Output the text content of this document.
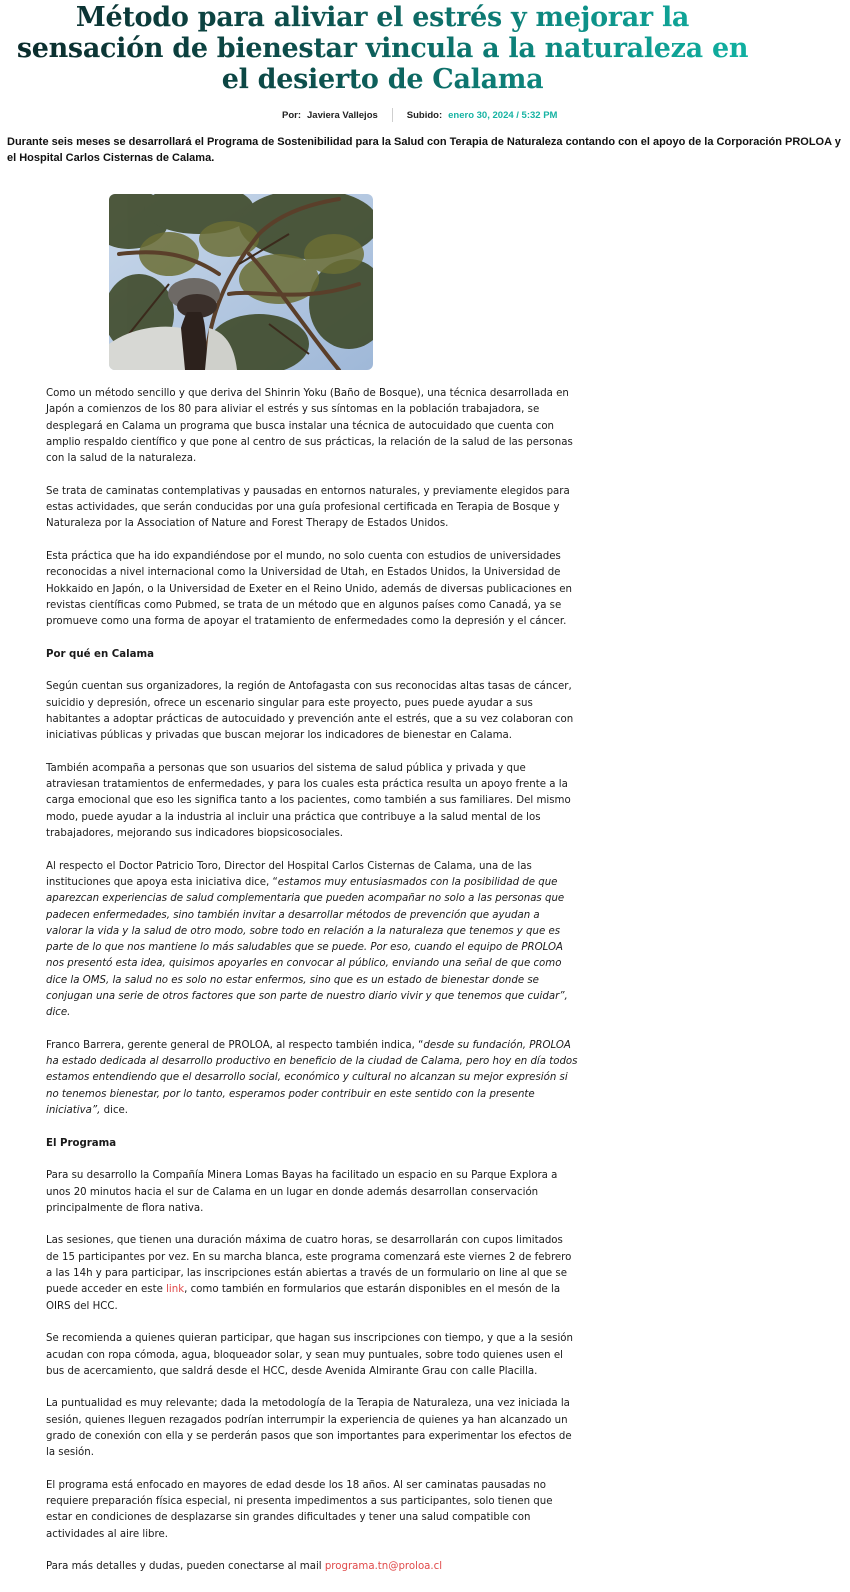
Método para aliviar el estrés y mejorar la sensación de bienestar vincula a la naturaleza en el desierto de Calama
Por: Javiera Vallejos	Subido: enero 30, 2024 / 5:32 PM

Durante seis meses se desarrollará el Programa de Sostenibilidad para la Salud con Terapia de Naturaleza contando con el apoyo de la Corporación PROLOA y el Hospital Carlos Cisternas de Calama.

Como un método sencillo y que deriva del Shinrin Yoku (Baño de Bosque), una técnica desarrollada en Japón a comienzos de los 80 para aliviar el estrés y sus síntomas en la población trabajadora, se desplegará en Calama un programa que busca instalar una técnica de autocuidado que cuenta con amplio respaldo científico y que pone al centro de sus prácticas, la relación de la salud de las personas con la salud de la naturaleza.

Se trata de caminatas contemplativas y pausadas en entornos naturales, y previamente elegidos para estas actividades, que serán conducidas por una guía profesional certificada en Terapia de Bosque y Naturaleza por la Association of Nature and Forest Therapy de Estados Unidos.

Esta práctica que ha ido expandiéndose por el mundo, no solo cuenta con estudios de universidades reconocidas a nivel internacional como la Universidad de Utah, en Estados Unidos, la Universidad de Hokkaido en Japón, o la Universidad de Exeter en el Reino Unido, además de diversas publicaciones en revistas científicas como Pubmed, se trata de un método que en algunos países como Canadá, ya se promueve como una forma de apoyar el tratamiento de enfermedades como la depresión y el cáncer.

Por qué en Calama

Según cuentan sus organizadores, la región de Antofagasta con sus reconocidas altas tasas de cáncer, suicidio y depresión, ofrece un escenario singular para este proyecto, pues puede ayudar a sus habitantes a adoptar prácticas de autocuidado y prevención ante el estrés, que a su vez colaboran con iniciativas públicas y privadas que buscan mejorar los indicadores de bienestar en Calama.

También acompaña a personas que son usuarios del sistema de salud pública y privada y que atraviesan tratamientos de enfermedades, y para los cuales esta práctica resulta un apoyo frente a la carga emocional que eso les significa tanto a los pacientes, como también a sus familiares. Del mismo modo, puede ayudar a la industria al incluir una práctica que contribuye a la salud mental de los trabajadores, mejorando sus indicadores biopsicosociales.

Al respecto el Doctor Patricio Toro, Director del Hospital Carlos Cisternas de Calama, una de las instituciones que apoya esta iniciativa dice, “estamos muy entusiasmados con la posibilidad de que aparezcan experiencias de salud complementaria que pueden acompañar no solo a las personas que padecen enfermedades, sino también invitar a desarrollar métodos de prevención que ayudan a valorar la vida y la salud de otro modo, sobre todo en relación a la naturaleza que tenemos y que es parte de lo que nos mantiene lo más saludables que se puede. Por eso, cuando el equipo de PROLOA nos presentó esta idea, quisimos apoyarles en convocar al público, enviando una señal de que como dice la OMS, la salud no es solo no estar enfermos, sino que es un estado de bienestar donde se conjugan una serie de otros factores que son parte de nuestro diario vivir y que tenemos que cuidar”, dice.

Franco Barrera, gerente general de PROLOA, al respecto también indica, “desde su fundación, PROLOA ha estado dedicada al desarrollo productivo en beneficio de la ciudad de Calama, pero hoy en día todos estamos entendiendo que el desarrollo social, económico y cultural no alcanzan su mejor expresión si no tenemos bienestar, por lo tanto, esperamos poder contribuir en este sentido con la presente iniciativa”, dice.

El Programa

Para su desarrollo la Compañía Minera Lomas Bayas ha facilitado un espacio en su Parque Explora a unos 20 minutos hacia el sur de Calama en un lugar en donde además desarrollan conservación principalmente de flora nativa.

Las sesiones, que tienen una duración máxima de cuatro horas, se desarrollarán con cupos limitados de 15 participantes por vez. En su marcha blanca, este programa comenzará este viernes 2 de febrero a las 14h y para participar, las inscripciones están abiertas a través de un formulario on line al que se puede acceder en este link, como también en formularios que estarán disponibles en el mesón de la OIRS del HCC.

Se recomienda a quienes quieran participar, que hagan sus inscripciones con tiempo, y que a la sesión acudan con ropa cómoda, agua, bloqueador solar, y sean muy puntuales, sobre todo quienes usen el bus de acercamiento, que saldrá desde el HCC, desde Avenida Almirante Grau con calle Placilla.

La puntualidad es muy relevante; dada la metodología de la Terapia de Naturaleza, una vez iniciada la sesión, quienes lleguen rezagados podrían interrumpir la experiencia de quienes ya han alcanzado un grado de conexión con ella y se perderán pasos que son importantes para experimentar los efectos de la sesión.

El programa está enfocado en mayores de edad desde los 18 años. Al ser caminatas pausadas no requiere preparación física especial, ni presenta impedimentos a sus participantes, solo tienen que estar en condiciones de desplazarse sin grandes dificultades y tener una salud compatible con actividades al aire libre.

Para más detalles y dudas, pueden conectarse al mail programa.tn@proloa.cl
